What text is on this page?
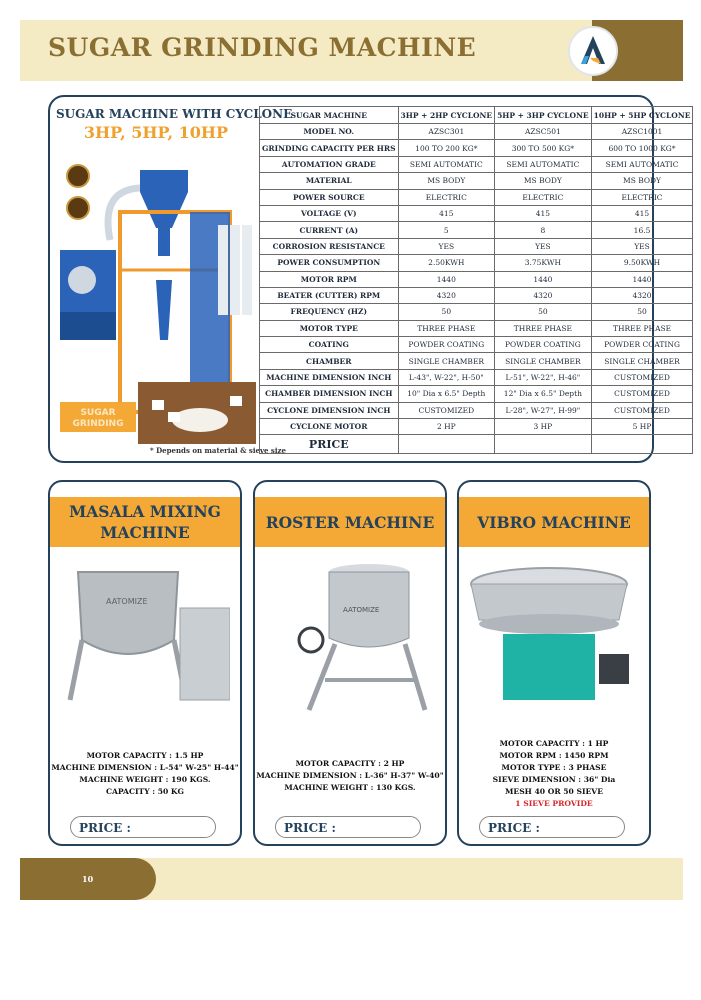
SUGAR GRINDING MACHINE
SUGAR MACHINE WITH CYCLONE
3HP, 5HP, 10HP
SUGAR
GRINDING
* Depends on material & sieve size
SUGAR MACHINE	3HP + 2HP CYCLONE	5HP + 3HP CYCLONE	10HP + 5HP CYCLONE
MODEL NO.	AZSC301	AZSC501	AZSC1001
GRINDING CAPACITY PER HRS	100 TO 200 KG*	300 TO 500 KG*	600 TO 1000 KG*
AUTOMATION GRADE	SEMI AUTOMATIC	SEMI AUTOMATIC	SEMI AUTOMATIC
MATERIAL	MS BODY	MS BODY	MS BODY
POWER SOURCE	ELECTRIC	ELECTRIC	ELECTRIC
VOLTAGE (V)	415	415	415
CURRENT (A)	5	8	16.5
CORROSION RESISTANCE	YES	YES	YES
POWER CONSUMPTION	2.50KWH	3.75KWH	9.50KWH
MOTOR RPM	1440	1440	1440
BEATER (CUTTER) RPM	4320	4320	4320
FREQUENCY (HZ)	50	50	50
MOTOR TYPE	THREE PHASE	THREE PHASE	THREE PHASE
COATING	POWDER COATING	POWDER COATING	POWDER COATING
CHAMBER	SINGLE CHAMBER	SINGLE CHAMBER	SINGLE CHAMBER
MACHINE DIMENSION INCH	L-43", W-22", H-50"	L-51", W-22", H-46"	CUSTOMIZED
CHAMBER DIMENSION INCH	10" Dia x 6.5" Depth	12" Dia x 6.5" Depth	CUSTOMIZED
CYCLONE DIMENSION INCH	CUSTOMIZED	L-28", W-27", H-99"	CUSTOMIZED
CYCLONE MOTOR	2 HP	3 HP	5 HP
PRICE			
MASALA MIXING
MACHINE
AATOMIZE
MOTOR CAPACITY : 1.5 HP
MACHINE DIMENSION : L-54" W-25" H-44"
MACHINE WEIGHT : 190 KGS.
CAPACITY : 50 KG
PRICE :
ROSTER MACHINE
AATOMIZE
MOTOR CAPACITY : 2 HP
MACHINE DIMENSION : L-36" H-37" W-40"
MACHINE WEIGHT : 130 KGS.
PRICE :
VIBRO MACHINE
MOTOR CAPACITY : 1 HP
MOTOR RPM : 1450 RPM
MOTOR TYPE : 3 PHASE
SIEVE DIMENSION : 36" Dia
MESH 40 OR 50 SIEVE
1 SIEVE PROVIDE
PRICE :
10
